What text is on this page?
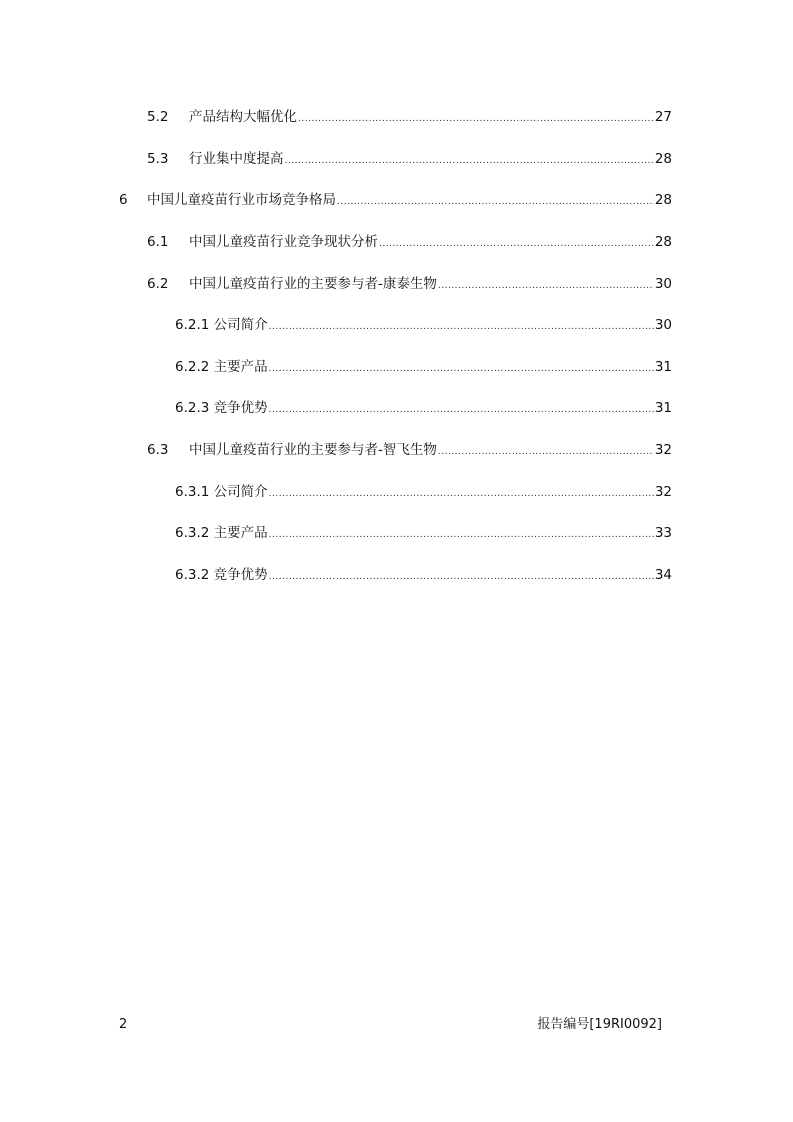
5.2 产品结构大幅优化 .....	27
5.3 行业集中度提高 .....	28
6 中国儿童疫苗行业市场竞争格局 .....	28
6.1 中国儿童疫苗行业竞争现状分析 .....	28
6.2 中国儿童疫苗行业的主要参与者-康泰生物 .....	30
6.2.1 公司简介 .....	30
6.2.2 主要产品 .....	31
6.2.3 竞争优势 .....	31
6.3 中国儿童疫苗行业的主要参与者-智飞生物 .....	32
6.3.1 公司简介 .....	32
6.3.2 主要产品 .....	33
6.3.2 竞争优势 .....	34
2	报告编号[19RI0092]
